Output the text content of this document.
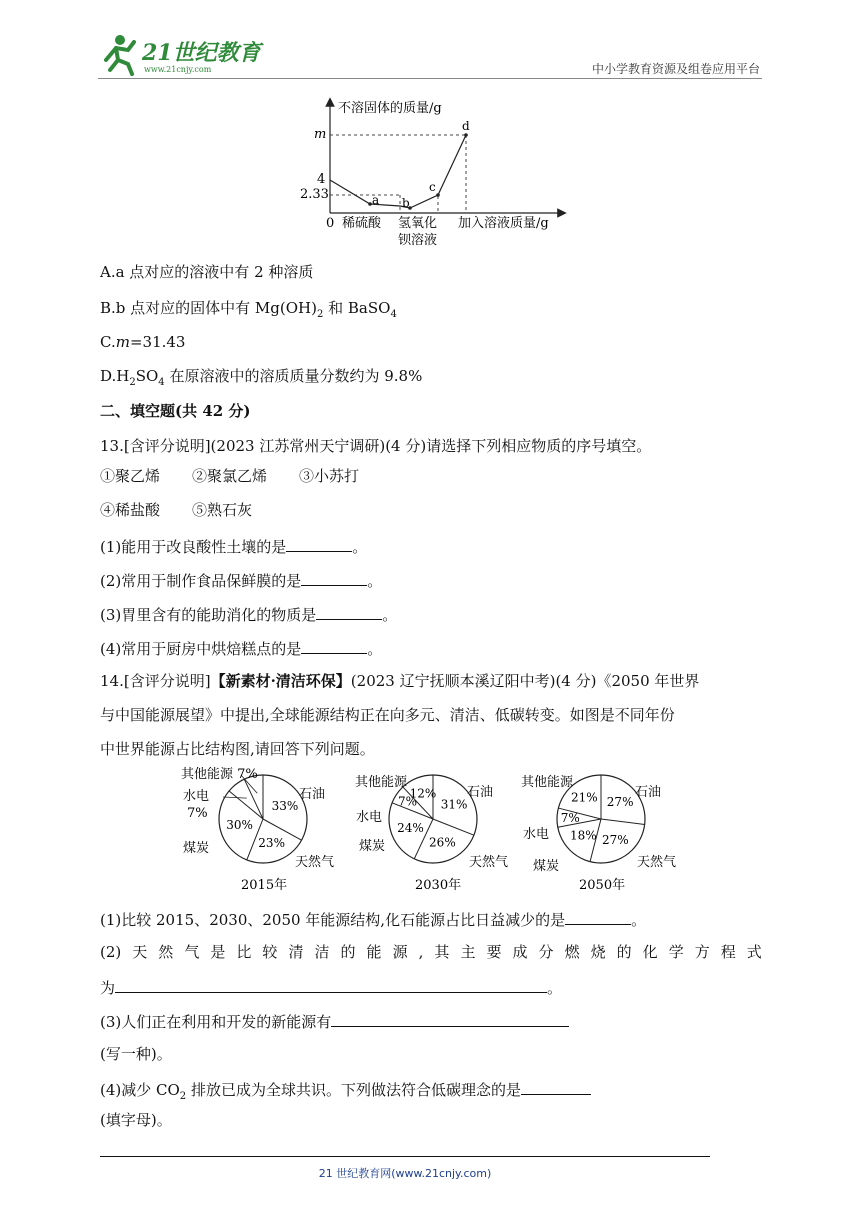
21世纪教育
www.21cnjy.com	中小学教育资源及组卷应用平台
不溶固体的质量/g
m
4
2.33
0
a b
c
d
稀硫酸 氢氧化
钡溶液
加入溶液质量/g
A.a 点对应的溶液中有 2 种溶质
B.b 点对应的固体中有 $Mg(OH)_2$ 和 BaSO$_4$
C.m=31.43
$D.H_2SO_4$ 在原溶液中的溶质质量分数约为 9.8%
二、填空题(共 42 分)
13.[含评分说明](2023 江苏常州天宁调研)(4 分)请选择下列相应物质的序号填空。
①聚乙烯 ②聚氯乙烯 ③小苏打
④稀盐酸 ⑤熟石灰
(1)能用于改良酸性土壤的是	。
(2)常用于制作食品保鲜膜的是	。
(3)胃里含有的能助消化的物质是	。
(4)常用于厨房中烘焙糕点的是	。
14.[含评分说明]【新素材·清洁环保】(2023 辽宁抚顺本溪辽阳中考)(4 分)《2050 年世界
与中国能源展望》中提出,全球能源结构正在向多元、清洁、低碳转变。如图是不同年份
中世界能源占比结构图,请回答下列问题。
33%
23%
30%
31%
26%
24%
7%
12%
27%
27%
18%
7%
21%
其他能源 7%
水电
7%
石油
煤炭
天然气
2015年
其他能源
水电
石油
煤炭
天然气
2030年
其他能源
水电
石油
煤炭	天然气
2050年
(1)比较 2015、2030、2050 年能源结构,化石能源占比日益减少的是	。
(2) 天 然 气 是 比 较 清 洁 的 能 源 , 其 主 要 成 分 燃 烧 的 化 学 方 程 式
为	。
(3)人们正在利用和开发的新能源有
(写一种)。
(4)减少 $CO_2$ 排放已成为全球共识。下列做法符合低碳理念的是
(填字母)。
21 世纪教育网(www.21cnjy.com)
